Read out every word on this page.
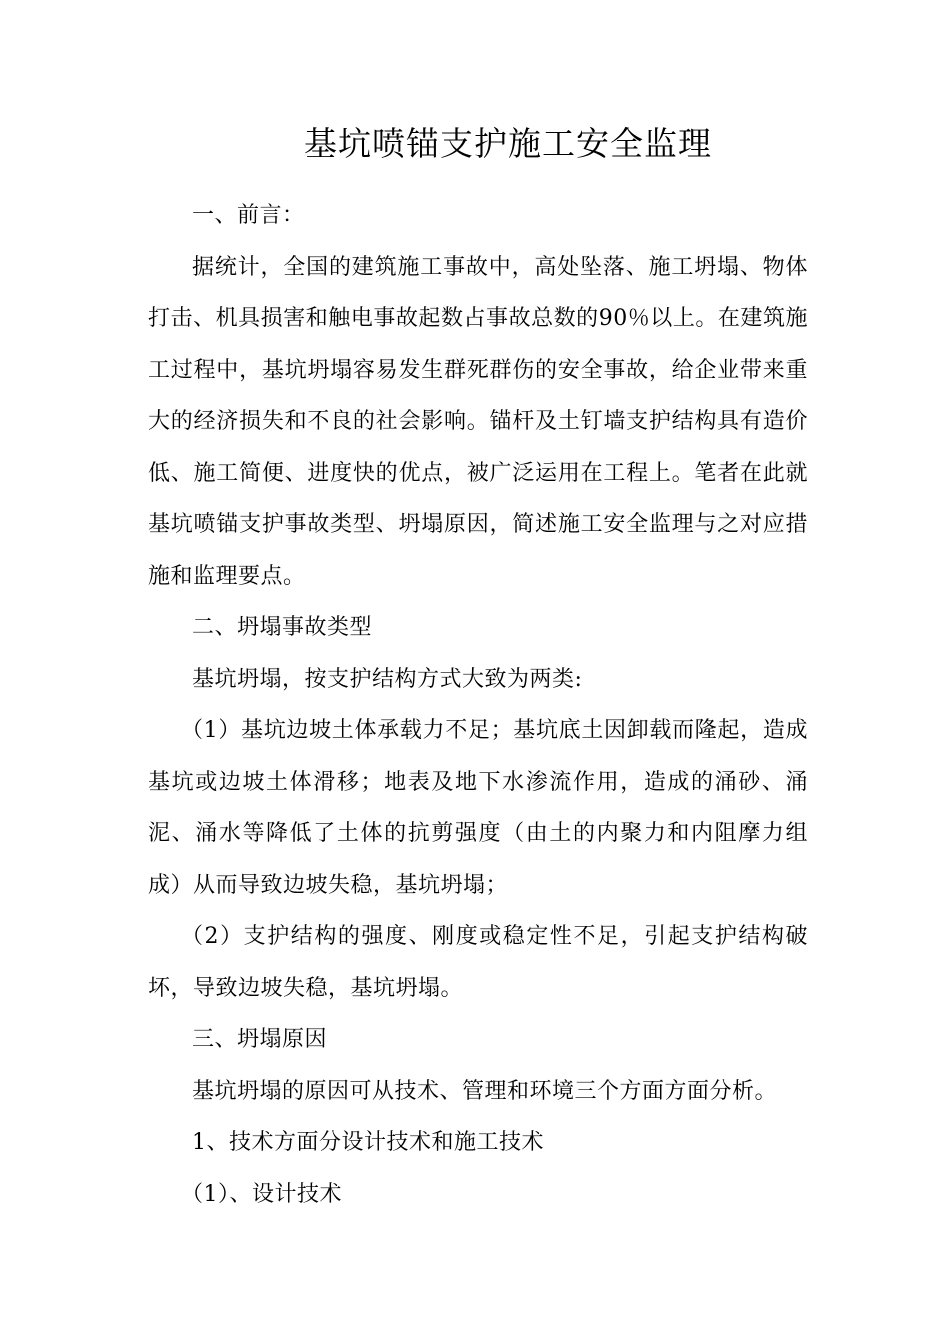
基坑喷锚支护施工安全监理

一、前言：

据统计，全国的建筑施工事故中，高处坠落、施工坍塌、物体打击、机具损害和触电事故起数占事故总数的90％以上。在建筑施工过程中，基坑坍塌容易发生群死群伤的安全事故，给企业带来重大的经济损失和不良的社会影响。锚杆及土钉墙支护结构具有造价低、施工简便、进度快的优点，被广泛运用在工程上。笔者在此就基坑喷锚支护事故类型、坍塌原因，简述施工安全监理与之对应措施和监理要点。

二、坍塌事故类型

基坑坍塌，按支护结构方式大致为两类:

（1）基坑边坡土体承载力不足；基坑底土因卸载而隆起，造成基坑或边坡土体滑移；地表及地下水渗流作用，造成的涌砂、涌泥、涌水等降低了土体的抗剪强度（由土的内聚力和内阻摩力组成）从而导致边坡失稳，基坑坍塌；

（2）支护结构的强度、刚度或稳定性不足，引起支护结构破坏，导致边坡失稳，基坑坍塌。

三、坍塌原因

基坑坍塌的原因可从技术、管理和环境三个方面方面分析。

1、技术方面分设计技术和施工技术

（1）、设计技术
